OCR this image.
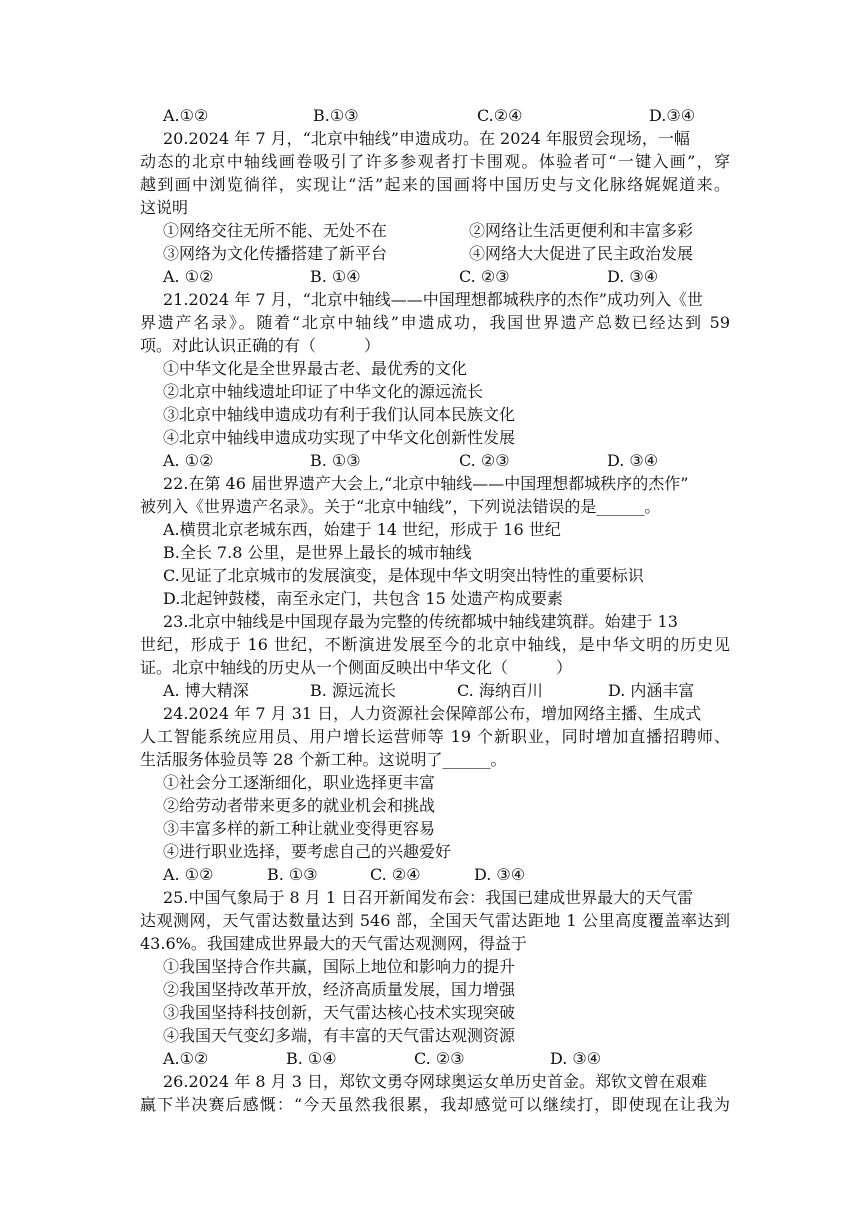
A.①②

	B.①③

	C.②④

	D.③④

20.2024 年 7 月，“北京中轴线”申遗成功。在 2024 年服贸会现场，一幅
动态的北京中轴线画卷吸引了许多参观者打卡围观。体验者可“一键入画”，穿
越到画中浏览徜徉，实现让“活”起来的国画将中国历史与文化脉络娓娓道来。
这说明

①网络交往无所不能、无处不在

	②网络让生活更便利和丰富多彩

③网络为文化传播搭建了新平台

	④网络大大促进了民主政治发展

A. ①②

	B. ①④

	C. ②③

	D. ③④

21.2024 年 7 月，“北京中轴线——中国理想都城秩序的杰作”成功列入《世
界遗产名录》。随着“北京中轴线”申遗成功，我国世界遗产总数已经达到 59
项。对此认识正确的有（　　　）
①中华文化是全世界最古老、最优秀的文化
②北京中轴线遗址印证了中华文化的源远流长
③北京中轴线申遗成功有利于我们认同本民族文化
④北京中轴线申遗成功实现了中华文化创新性发展

A. ①②

	B. ①③

	C. ②③

	D. ③④

22.在第 46 届世界遗产大会上,“北京中轴线——中国理想都城秩序的杰作”
被列入《世界遗产名录》。关于“北京中轴线”，下列说法错误的是______。
A.横贯北京老城东西，始建于 14 世纪，形成于 16 世纪
B.全长 7.8 公里，是世界上最长的城市轴线
C.见证了北京城市的发展演变，是体现中华文明突出特性的重要标识
D.北起钟鼓楼，南至永定门，共包含 15 处遗产构成要素
23.北京中轴线是中国现存最为完整的传统都城中轴线建筑群。始建于 13
世纪，形成于 16 世纪，不断演进发展至今的北京中轴线，是中华文明的历史见
证。北京中轴线的历史从一个侧面反映出中华文化（　　　）

A. 博大精深

	B. 源远流长

	C. 海纳百川

	D. 内涵丰富

24.2024 年 7 月 31 日，人力资源社会保障部公布，增加网络主播、生成式
人工智能系统应用员、用户增长运营师等 19 个新职业，同时增加直播招聘师、
生活服务体验员等 28 个新工种。这说明了______。
①社会分工逐渐细化，职业选择更丰富
②给劳动者带来更多的就业机会和挑战
③丰富多样的新工种让就业变得更容易
④进行职业选择，要考虑自己的兴趣爱好

A. ①②

	B. ①③

	C. ②④

	D. ③④

25.中国气象局于 8 月 1 日召开新闻发布会：我国已建成世界最大的天气雷
达观测网，天气雷达数量达到 546 部，全国天气雷达距地 1 公里高度覆盖率达到
43.6%。我国建成世界最大的天气雷达观测网，得益于
①我国坚持合作共赢，国际上地位和影响力的提升
②我国坚持改革开放，经济高质量发展，国力增强
③我国坚持科技创新，天气雷达核心技术实现突破
④我国天气变幻多端，有丰富的天气雷达观测资源

A.①②

	B. ①④

	C. ②③

	D. ③④

26.2024 年 8 月 3 日，郑钦文勇夺网球奥运女单历史首金。郑钦文曾在艰难
赢下半决赛后感慨：“今天虽然我很累，我却感觉可以继续打，即使现在让我为
